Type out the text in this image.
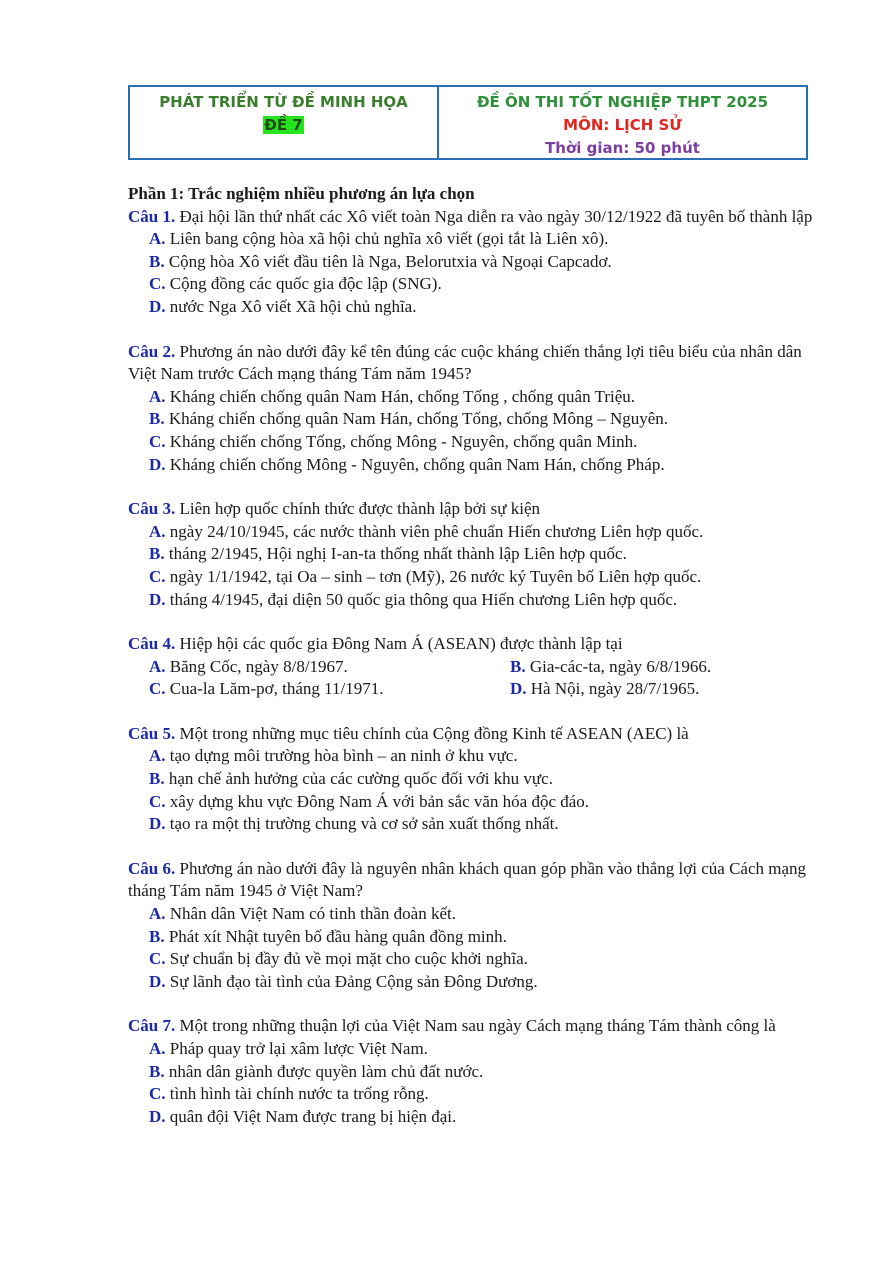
PHÁT TRIỂN TỪ ĐỀ MINH HỌA
ĐỀ 7
ĐỀ ÔN THI TỐT NGHIỆP THPT 2025
MÔN: LỊCH SỬ
Thời gian: 50 phút

Phần 1: Trắc nghiệm nhiều phương án lựa chọn

Câu 1. Đại hội lần thứ nhất các Xô viết toàn Nga diễn ra vào ngày 30/12/1922 đã tuyên bố thành lập

A. Liên bang cộng hòa xã hội chủ nghĩa xô viết (gọi tắt là Liên xô).

B. Cộng hòa Xô viết đầu tiên là Nga, Belorutxia và Ngoại Capcadơ.

C. Cộng đồng các quốc gia độc lập (SNG).

D. nước Nga Xô viết Xã hội chủ nghĩa.

Câu 2. Phương án nào dưới đây kể tên đúng các cuộc kháng chiến thắng lợi tiêu biểu của nhân dân Việt Nam trước Cách mạng tháng Tám năm 1945?

A. Kháng chiến chống quân Nam Hán, chống Tống , chống quân Triệu.

B. Kháng chiến chống quân Nam Hán, chống Tống, chống Mông – Nguyên.

C. Kháng chiến chống Tống, chống Mông - Nguyên, chống quân Minh.

D. Kháng chiến chống Mông - Nguyên, chống quân Nam Hán, chống Pháp.

Câu 3. Liên hợp quốc chính thức được thành lập bởi sự kiện

A. ngày 24/10/1945, các nước thành viên phê chuẩn Hiến chương Liên hợp quốc.

B. tháng 2/1945, Hội nghị I-an-ta thống nhất thành lập Liên hợp quốc.

C. ngày 1/1/1942, tại Oa – sinh – tơn (Mỹ), 26 nước ký Tuyên bố Liên hợp quốc.

D. tháng 4/1945, đại diện 50 quốc gia thông qua Hiến chương Liên hợp quốc.

Câu 4. Hiệp hội các quốc gia Đông Nam Á (ASEAN) được thành lập tại

A. Băng Cốc, ngày 8/8/1967.	B. Gia-các-ta, ngày 6/8/1966.
C. Cua-la Lăm-pơ, tháng 11/1971.	D. Hà Nội, ngày 28/7/1965.

Câu 5. Một trong những mục tiêu chính của Cộng đồng Kinh tế ASEAN (AEC) là

A. tạo dựng môi trường hòa bình – an ninh ở khu vực.

B. hạn chế ảnh hưởng của các cường quốc đối với khu vực.

C. xây dựng khu vực Đông Nam Á với bản sắc văn hóa độc đáo.

D. tạo ra một thị trường chung và cơ sở sản xuất thống nhất.

Câu 6. Phương án nào dưới đây là nguyên nhân khách quan góp phần vào thắng lợi của Cách mạng tháng Tám năm 1945 ở Việt Nam?

A. Nhân dân Việt Nam có tinh thần đoàn kết.

B. Phát xít Nhật tuyên bố đầu hàng quân đồng minh.

C. Sự chuẩn bị đầy đủ về mọi mặt cho cuộc khởi nghĩa.

D. Sự lãnh đạo tài tình của Đảng Cộng sản Đông Dương.

Câu 7. Một trong những thuận lợi của Việt Nam sau ngày Cách mạng tháng Tám thành công là

A. Pháp quay trở lại xâm lược Việt Nam.

B. nhân dân giành được quyền làm chủ đất nước.

C. tình hình tài chính nước ta trống rỗng.

D. quân đội Việt Nam được trang bị hiện đại.
